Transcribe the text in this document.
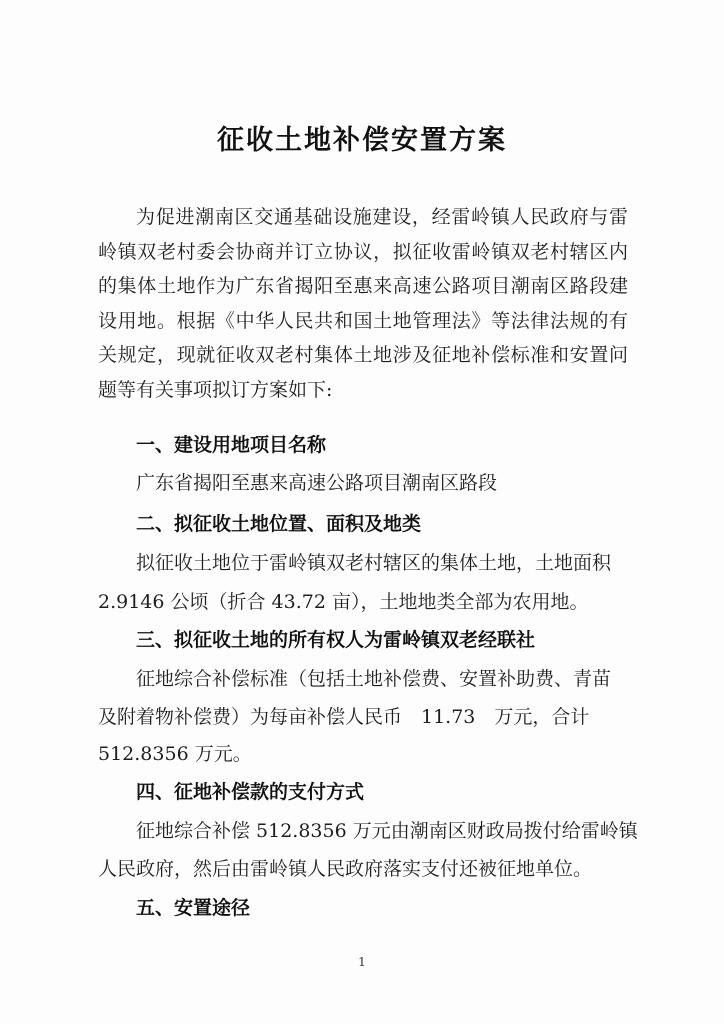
征收土地补偿安置方案
为促进潮南区交通基础设施建设，经雷岭镇人民政府与雷岭镇双老村委会协商并订立协议，拟征收雷岭镇双老村辖区内的集体土地作为广东省揭阳至惠来高速公路项目潮南区路段建设用地。根据《中华人民共和国土地管理法》等法律法规的有关规定，现就征收双老村集体土地涉及征地补偿标准和安置问题等有关事项拟订方案如下:
一、建设用地项目名称
广东省揭阳至惠来高速公路项目潮南区路段
二、拟征收土地位置、面积及地类
拟征收土地位于雷岭镇双老村辖区的集体土地，土地面积
2.9146 公顷（折合 43.72 亩），土地地类全部为农用地。
三、拟征收土地的所有权人为雷岭镇双老经联社
征地综合补偿标准（包括土地补偿费、安置补助费、青苗
及附着物补偿费）为每亩补偿人民币　11.73　万元，合计
512.8356 万元。
四、征地补偿款的支付方式
征地综合补偿 512.8356 万元由潮南区财政局拨付给雷岭镇
人民政府，然后由雷岭镇人民政府落实支付还被征地单位。
五、安置途径
1
